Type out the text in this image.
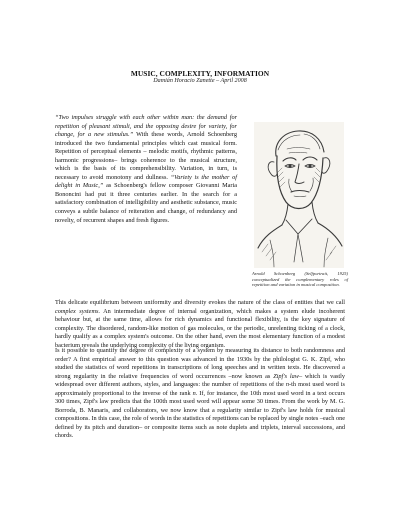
MUSIC, COMPLEXITY, INFORMATION
Damián Horacio Zanette – April 2008

“Two impulses struggle with each other within man: the demand for repetition of pleasant stimuli, and the opposing desire for variety, for change, for a new stimulus.” With these words, Arnold Schoenberg introduced the two fundamental principles which cast musical form. Repetition of perceptual elements – melodic motifs, rhythmic patterns, harmonic progressions– brings coherence to the musical structure, which is the basis of its comprehensibility. Variation, in turn, is necessary to avoid monotony and dullness. “Variety is the mother of delight in Music,” as Schoenberg's fellow composer Giovanni Maria Bononcini had put it three centuries earlier. In the search for a satisfactory combination of intelligibility and aesthetic substance, music conveys a subtle balance of reiteration and change, of redundancy and novelty, of recurrent shapes and fresh figures.

Arnold Schoenberg (Selfportrait, 1925) conceptualized the complementary roles of repetition and variation in musical composition.

This delicate equilibrium between uniformity and diversity evokes the nature of the class of entities that we call complex systems. An intermediate degree of internal organization, which makes a system elude incoherent behaviour but, at the same time, allows for rich dynamics and functional flexibility, is the key signature of complexity. The disordered, random-like motion of gas molecules, or the periodic, unrelenting ticking of a clock, hardly qualify as a complex system's outcome. On the other hand, even the most elementary function of a modest bacterium reveals the underlying complexity of the living organism.

Is it possible to quantify the degree of complexity of a system by measuring its distance to both randomness and order? A first empirical answer to this question was advanced in the 1930s by the philologist G. K. Zipf, who studied the statistics of word repetitions in transcriptions of long speeches and in written texts. He discovered a strong regularity in the relative frequencies of word occurrences –now known as Zipf's law– which is vastly widespread over different authors, styles, and languages: the number of repetitions of the n-th most used word is approximately proportional to the inverse of the rank n. If, for instance, the 10th most used word in a text occurs 300 times, Zipf's law predicts that the 100th most used word will appear some 30 times. From the work by M. G. Borroda, B. Manaris, and collaborators, we now know that a regularity similar to Zipf's law holds for musical compositions. In this case, the role of words in the statistics of repetitions can be replaced by single notes –each one defined by its pitch and duration– or composite items such as note duplets and triplets, interval successions, and chords.
